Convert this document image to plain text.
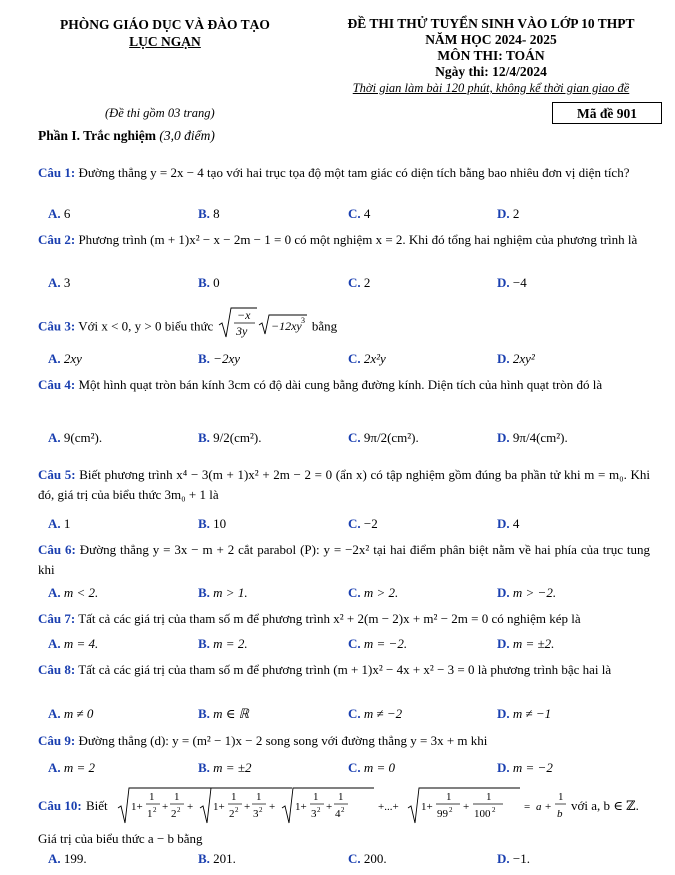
PHÒNG GIÁO DỤC VÀ ĐÀO TẠO
LỤC NGẠN
ĐỀ THI THỬ TUYỂN SINH VÀO LỚP 10 THPT
NĂM HỌC 2024- 2025
MÔN THI: TOÁN
Ngày thi: 12/4/2024
Thời gian làm bài 120 phút, không kể thời gian giao đề
(Đề thi gồm 03 trang)	Mã đề 901
Phần I. Trắc nghiệm (3,0 điểm)
Câu 1: Đường thẳng y = 2x − 4 tạo với hai trục tọa độ một tam giác có diện tích bằng bao nhiêu đơn vị diện tích?
A. 6	B. 8	C. 4	D. 2
Câu 2: Phương trình (m + 1)x² − x − 2m − 1 = 0 có một nghiệm x = 2. Khi đó tổng hai nghiệm của phương trình là
A. 3	B. 0	C. 2	D. −4
Câu 3: Với x < 0, y > 0 biểu thức
−x
3y −12xy 3 bằng
A. 2xy	B. −2xy	C. 2x²y	D. 2xy²
Câu 4: Một hình quạt tròn bán kính 3cm có độ dài cung bằng đường kính. Diện tích của hình quạt tròn đó là
A. 9(cm²).	B. 9/2(cm²).	C. 9π/2(cm²).	D. 9π/4(cm²).
Câu 5: Biết phương trình x⁴ − 3(m + 1)x² + 2m − 2 = 0 (ẩn x) có tập nghiệm gồm đúng ba phần tử khi m = m₀. Khi đó, giá trị của biểu thức 3m₀ + 1 là
A. 1	B. 10	C. −2	D. 4
Câu 6: Đường thẳng y = 3x − m + 2 cắt parabol (P): y = −2x² tại hai điểm phân biệt nằm về hai phía của trục tung khi
A. m < 2.	B. m > 1.	C. m > 2.	D. m > −2.
Câu 7: Tất cả các giá trị của tham số m để phương trình x² + 2(m − 2)x + m² − 2m = 0 có nghiệm kép là
A. m = 4.	B. m = 2.	C. m = −2.	D. m = ±2.
Câu 8: Tất cả các giá trị của tham số m để phương trình (m + 1)x² − 4x + x² − 3 = 0 là phương trình bậc hai là
A. m ≠ 0	B. m ∈ ℝ	C. m ≠ −2	D. m ≠ −1
Câu 9: Đường thẳng (d): y = (m² − 1)x − 2 song song với đường thẳng y = 3x + m khi
A. m = 2	B. m = ±2	C. m = 0	D. m = −2
Câu 10: Biết 1+
1
1 2 +
1
2 2 + 1+
1
2 2 +
1
3 2 + 1+
1
3 2 +
1
4 2	+...+ 1+
1
99 2 +
1
100 2	= a +
1
b
với a, b ∈ ℤ.
Giá trị của biểu thức a − b bằng
A. 199.	B. 201.	C. 200.	D. −1.
